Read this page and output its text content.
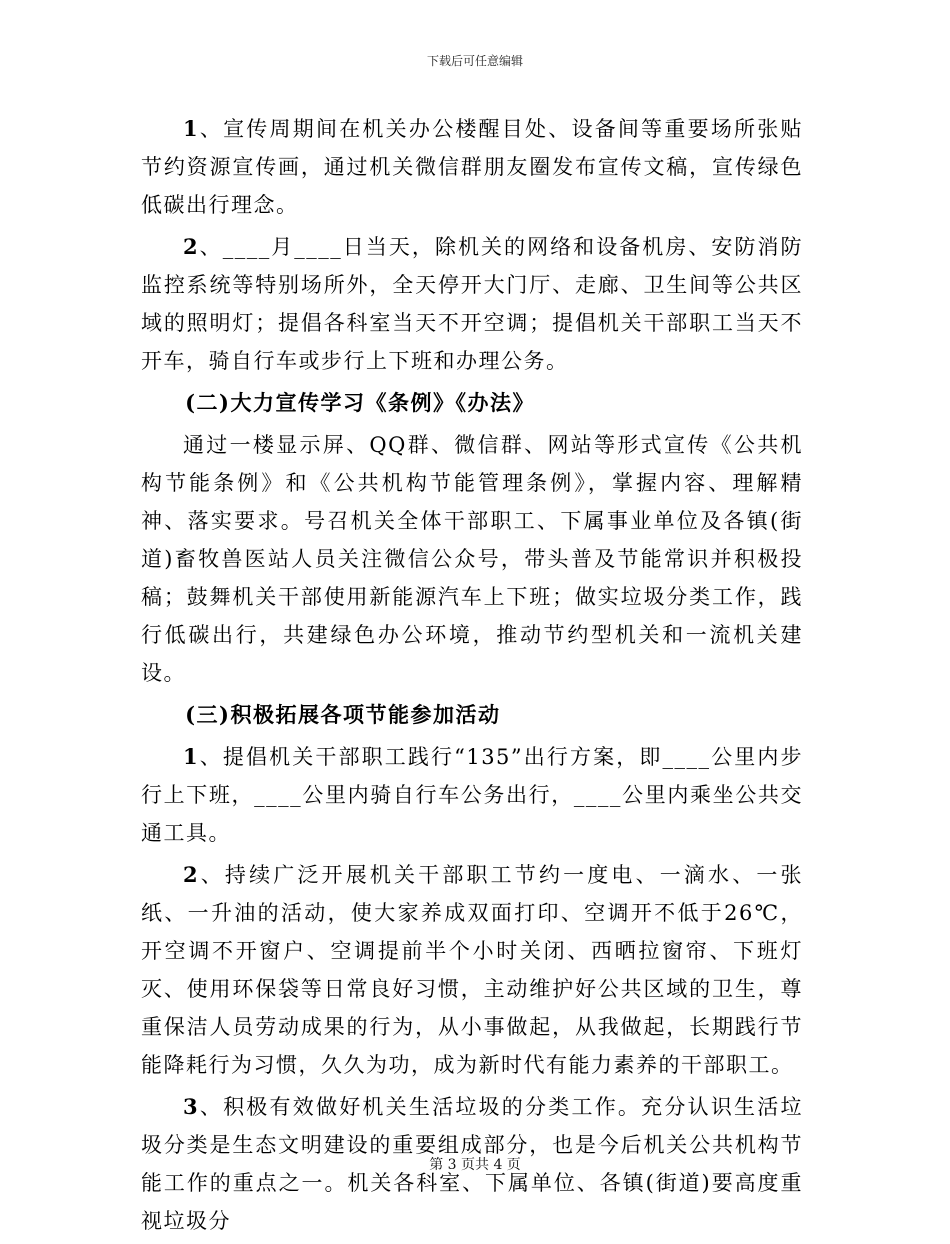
下载后可任意编辑

1、宣传周期间在机关办公楼醒目处、设备间等重要场所张贴节约资源宣传画，通过机关微信群朋友圈发布宣传文稿，宣传绿色低碳出行理念。

2、____月____日当天，除机关的网络和设备机房、安防消防监控系统等特别场所外，全天停开大门厅、走廊、卫生间等公共区域的照明灯；提倡各科室当天不开空调；提倡机关干部职工当天不开车，骑自行车或步行上下班和办理公务。

(二)大力宣传学习《条例》《办法》

通过一楼显示屏、QQ群、微信群、网站等形式宣传《公共机构节能条例》和《公共机构节能管理条例》，掌握内容、理解精神、落实要求。号召机关全体干部职工、下属事业单位及各镇(街道)畜牧兽医站人员关注微信公众号，带头普及节能常识并积极投稿；鼓舞机关干部使用新能源汽车上下班；做实垃圾分类工作，践行低碳出行，共建绿色办公环境，推动节约型机关和一流机关建设。

(三)积极拓展各项节能参加活动

1、提倡机关干部职工践行“135”出行方案，即____公里内步行上下班，____公里内骑自行车公务出行，____公里内乘坐公共交通工具。

2、持续广泛开展机关干部职工节约一度电、一滴水、一张纸、一升油的活动，使大家养成双面打印、空调开不低于26℃，开空调不开窗户、空调提前半个小时关闭、西晒拉窗帘、下班灯灭、使用环保袋等日常良好习惯，主动维护好公共区域的卫生，尊重保洁人员劳动成果的行为，从小事做起，从我做起，长期践行节能降耗行为习惯，久久为功，成为新时代有能力素养的干部职工。

3、积极有效做好机关生活垃圾的分类工作。充分认识生活垃圾分类是生态文明建设的重要组成部分，也是今后机关公共机构节能工作的重点之一。机关各科室、下属单位、各镇(街道)要高度重视垃圾分

第 3 页共 4 页
